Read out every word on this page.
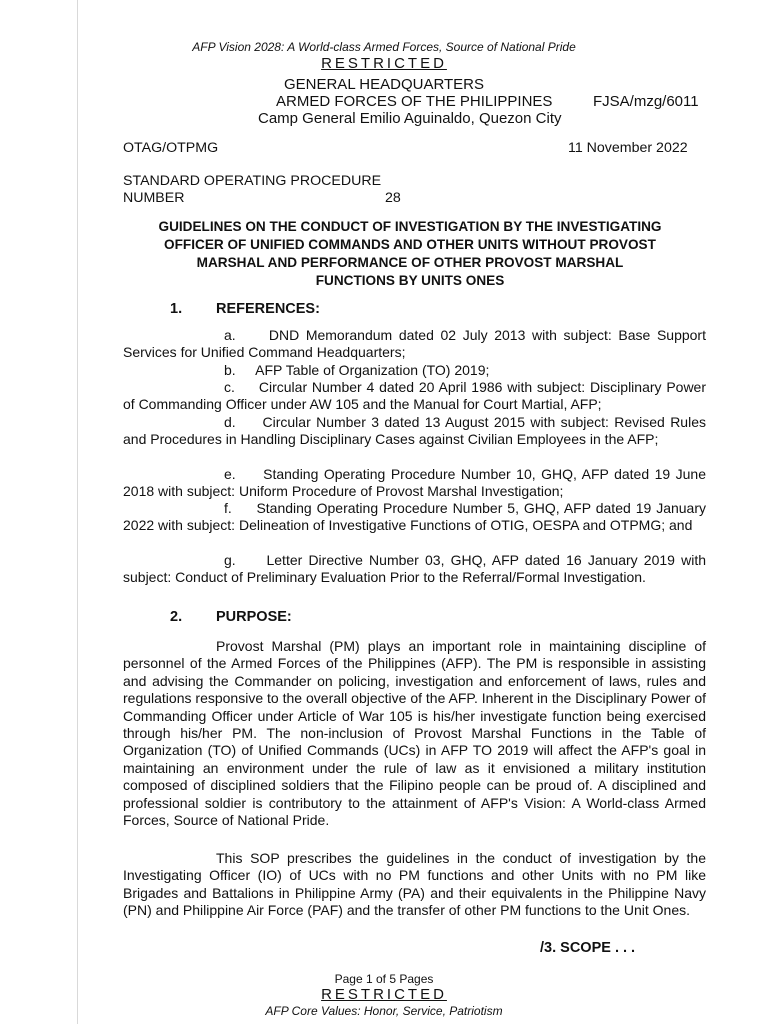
AFP Vision 2028: A World-class Armed Forces, Source of National Pride
RESTRICTED
GENERAL HEADQUARTERS
ARMED FORCES OF THE PHILIPPINES	FJSA/mzg/6011
Camp General Emilio Aguinaldo, Quezon City
OTAG/OTPMG	11 November 2022
STANDARD OPERATING PROCEDURE
NUMBER	28
GUIDELINES ON THE CONDUCT OF INVESTIGATION BY THE INVESTIGATING
OFFICER OF UNIFIED COMMANDS AND OTHER UNITS WITHOUT PROVOST
MARSHAL AND PERFORMANCE OF OTHER PROVOST MARSHAL
FUNCTIONS BY UNITS ONES
1. REFERENCES:
a. DND Memorandum dated 02 July 2013 with subject: Base Support Services for Unified Command Headquarters;
b. AFP Table of Organization (TO) 2019;
c. Circular Number 4 dated 20 April 1986 with subject: Disciplinary Power of Commanding Officer under AW 105 and the Manual for Court Martial, AFP;
d. Circular Number 3 dated 13 August 2015 with subject: Revised Rules and Procedures in Handling Disciplinary Cases against Civilian Employees in the AFP;
e. Standing Operating Procedure Number 10, GHQ, AFP dated 19 June 2018 with subject: Uniform Procedure of Provost Marshal Investigation;
f. Standing Operating Procedure Number 5, GHQ, AFP dated 19 January 2022 with subject: Delineation of Investigative Functions of OTIG, OESPA and OTPMG; and
g. Letter Directive Number 03, GHQ, AFP dated 16 January 2019 with subject: Conduct of Preliminary Evaluation Prior to the Referral/Formal Investigation.
2. PURPOSE:
Provost Marshal (PM) plays an important role in maintaining discipline of personnel of the Armed Forces of the Philippines (AFP). The PM is responsible in assisting and advising the Commander on policing, investigation and enforcement of laws, rules and regulations responsive to the overall objective of the AFP. Inherent in the Disciplinary Power of Commanding Officer under Article of War 105 is his/her investigate function being exercised through his/her PM. The non-inclusion of Provost Marshal Functions in the Table of Organization (TO) of Unified Commands (UCs) in AFP TO 2019 will affect the AFP's goal in maintaining an environment under the rule of law as it envisioned a military institution composed of disciplined soldiers that the Filipino people can be proud of. A disciplined and professional soldier is contributory to the attainment of AFP's Vision: A World-class Armed Forces, Source of National Pride.
This SOP prescribes the guidelines in the conduct of investigation by the Investigating Officer (IO) of UCs with no PM functions and other Units with no PM like Brigades and Battalions in Philippine Army (PA) and their equivalents in the Philippine Navy (PN) and Philippine Air Force (PAF) and the transfer of other PM functions to the Unit Ones.
/3. SCOPE . . .
Page 1 of 5 Pages
RESTRICTED
AFP Core Values: Honor, Service, Patriotism
